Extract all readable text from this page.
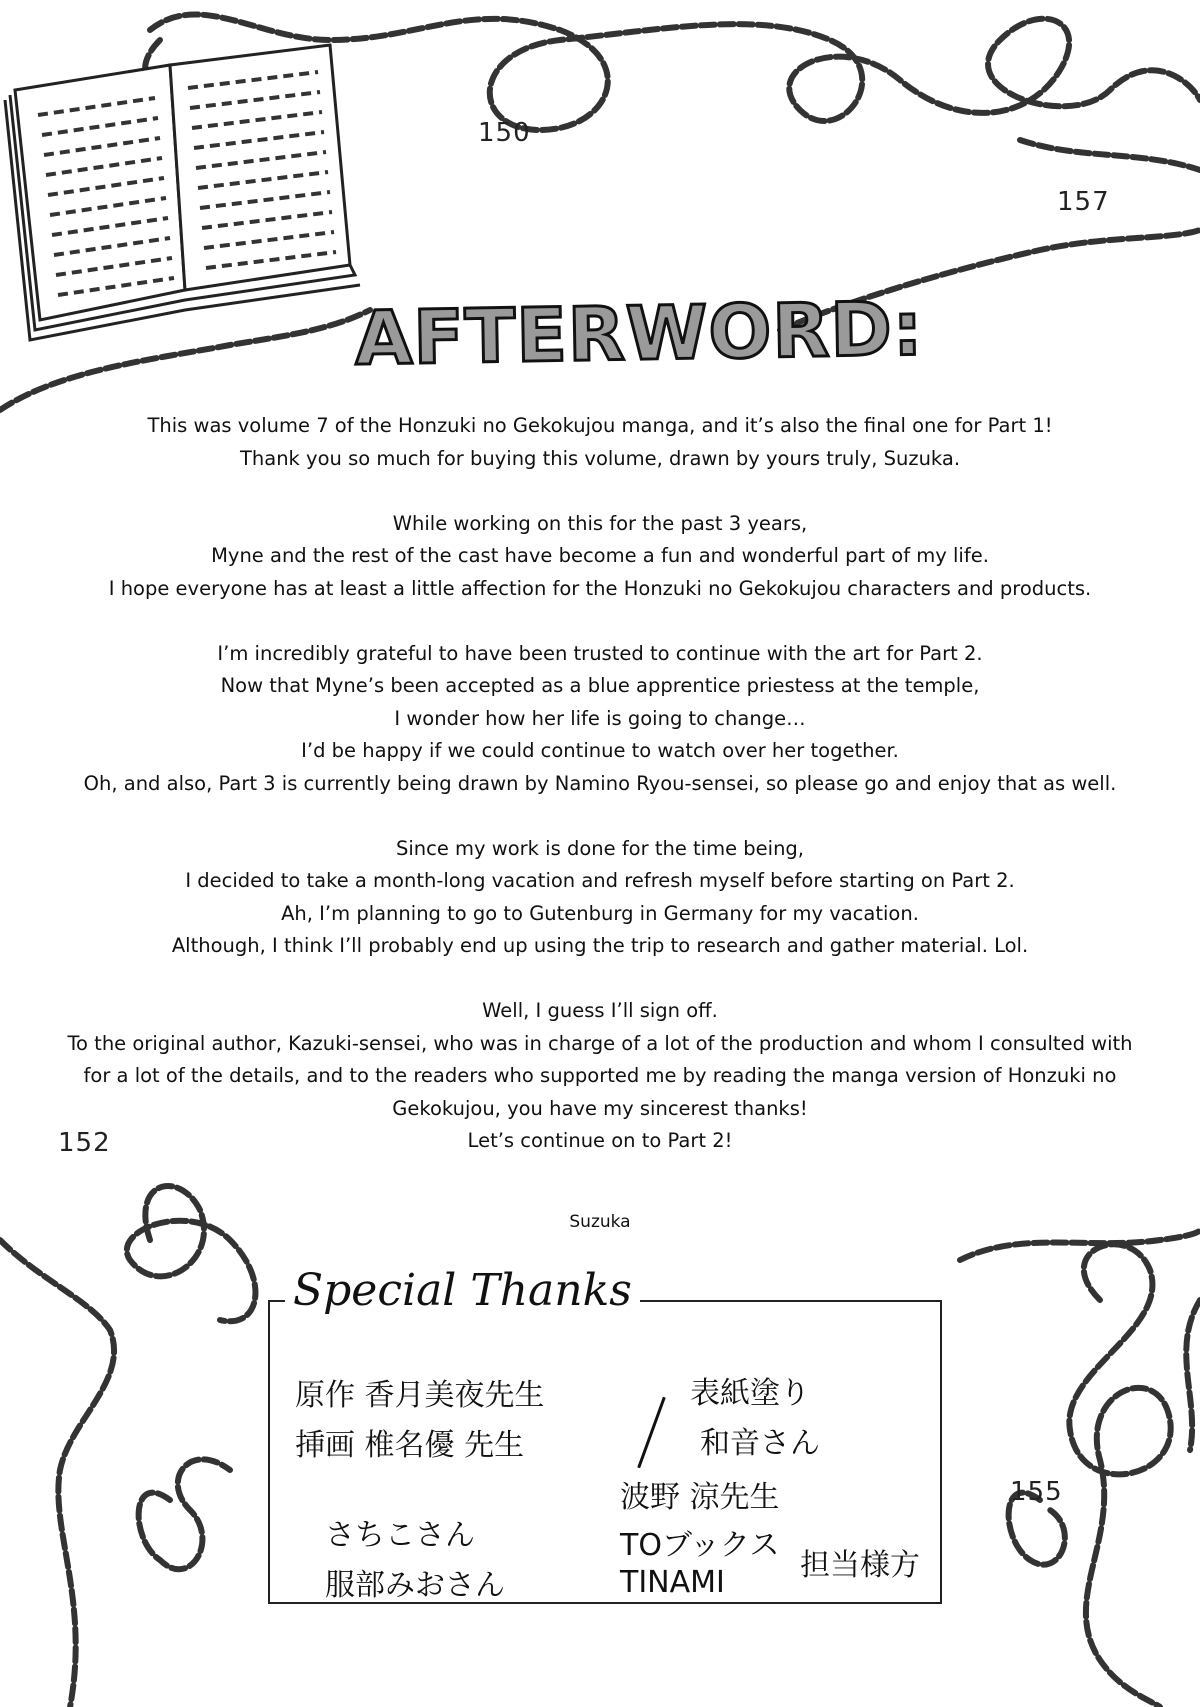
150
157
152
155
AFTERWORD:

This was volume 7 of the Honzuki no Gekokujou manga, and it’s also the final one for Part 1!
Thank you so much for buying this volume, drawn by yours truly, Suzuka.

While working on this for the past 3 years,
Myne and the rest of the cast have become a fun and wonderful part of my life.
I hope everyone has at least a little affection for the Honzuki no Gekokujou characters and products.

I’m incredibly grateful to have been trusted to continue with the art for Part 2.
Now that Myne’s been accepted as a blue apprentice priestess at the temple,
I wonder how her life is going to change…
I’d be happy if we could continue to watch over her together.
Oh, and also, Part 3 is currently being drawn by Namino Ryou-sensei, so please go and enjoy that as well.

Since my work is done for the time being,
I decided to take a month-long vacation and refresh myself before starting on Part 2.
Ah, I’m planning to go to Gutenburg in Germany for my vacation.
Although, I think I’ll probably end up using the trip to research and gather material. Lol.

Well, I guess I’ll sign off.
To the original author, Kazuki-sensei, who was in charge of a lot of the production and whom I consulted with
for a lot of the details, and to the readers who supported me by reading the manga version of Honzuki no
Gekokujou, you have my sincerest thanks!
Let’s continue on to Part 2!

Suzuka
Special Thanks
原作 香月美夜先生
挿画 椎名優 先生
表紙塗り
和音さん
さちこさん
服部みおさん
波野 涼先生
TOブックス
TINAMI	担当様方
